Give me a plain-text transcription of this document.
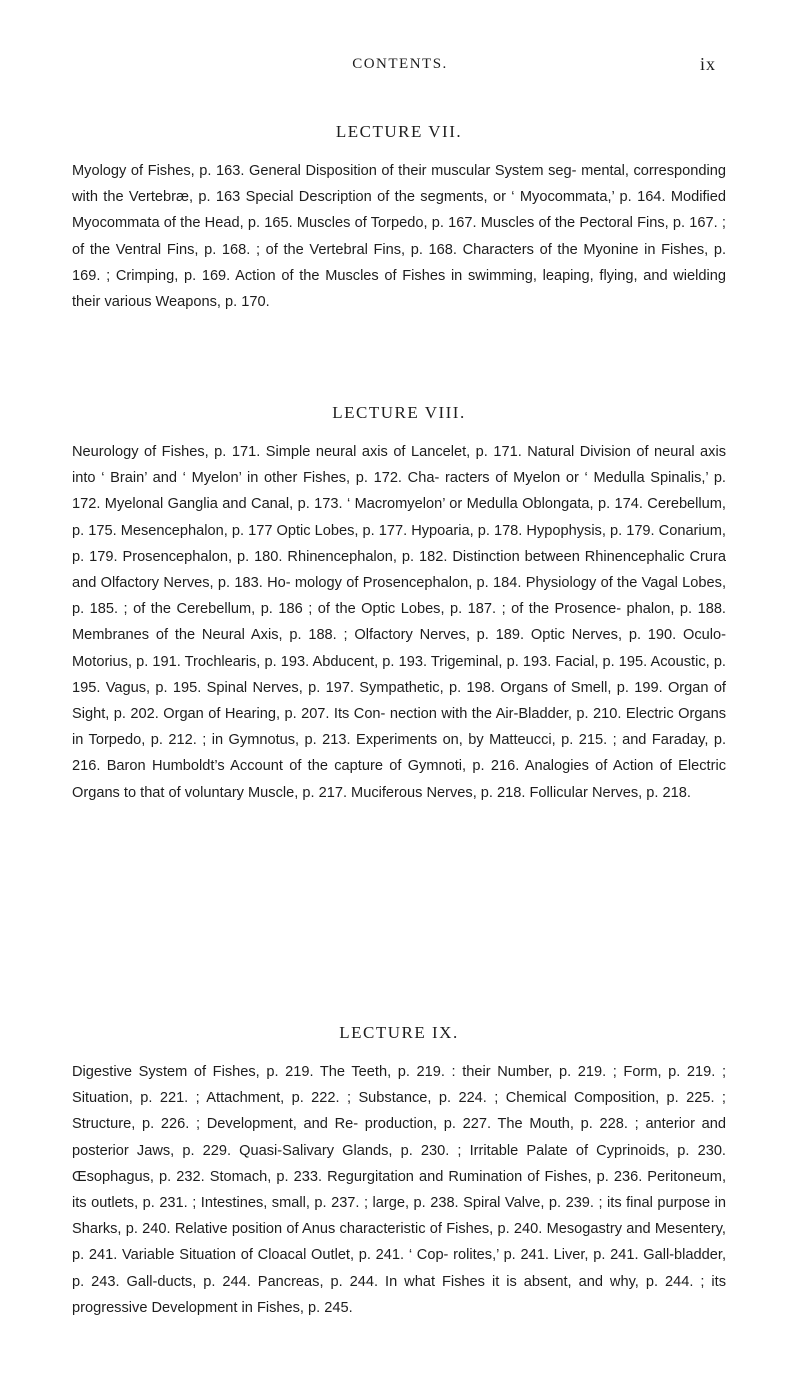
CONTENTS.	ix
LECTURE VII.

Myology of Fishes, p. 163. General Disposition of their muscular System seg- mental, corresponding with the Vertebræ, p. 163 Special Description of the segments, or ‘ Myocommata,’ p. 164. Modified Myocommata of the Head, p. 165. Muscles of Torpedo, p. 167. Muscles of the Pectoral Fins, p. 167. ; of the Ventral Fins, p. 168. ; of the Vertebral Fins, p. 168. Characters of the Myonine in Fishes, p. 169. ; Crimping, p. 169. Action of the Muscles of Fishes in swimming, leaping, flying, and wielding their various Weapons, p. 170.

LECTURE VIII.

Neurology of Fishes, p. 171. Simple neural axis of Lancelet, p. 171. Natural Division of neural axis into ‘ Brain’ and ‘ Myelon’ in other Fishes, p. 172. Cha- racters of Myelon or ‘ Medulla Spinalis,’ p. 172. Myelonal Ganglia and Canal, p. 173. ‘ Macromyelon’ or Medulla Oblongata, p. 174. Cerebellum, p. 175. Mesencephalon, p. 177 Optic Lobes, p. 177. Hypoaria, p. 178. Hypophysis, p. 179. Conarium, p. 179. Prosencephalon, p. 180. Rhinencephalon, p. 182. Distinction between Rhinencephalic Crura and Olfactory Nerves, p. 183. Ho- mology of Prosencephalon, p. 184. Physiology of the Vagal Lobes, p. 185. ; of the Cerebellum, p. 186 ; of the Optic Lobes, p. 187. ; of the Prosence- phalon, p. 188. Membranes of the Neural Axis, p. 188. ; Olfactory Nerves, p. 189. Optic Nerves, p. 190. Oculo-Motorius, p. 191. Trochlearis, p. 193. Abducent, p. 193. Trigeminal, p. 193. Facial, p. 195. Acoustic, p. 195. Vagus, p. 195. Spinal Nerves, p. 197. Sympathetic, p. 198. Organs of Smell, p. 199. Organ of Sight, p. 202. Organ of Hearing, p. 207. Its Con- nection with the Air-Bladder, p. 210. Electric Organs in Torpedo, p. 212. ; in Gymnotus, p. 213. Experiments on, by Matteucci, p. 215. ; and Faraday, p. 216. Baron Humboldt’s Account of the capture of Gymnoti, p. 216. Analogies of Action of Electric Organs to that of voluntary Muscle, p. 217. Muciferous Nerves, p. 218. Follicular Nerves, p. 218.

LECTURE IX.

Digestive System of Fishes, p. 219. The Teeth, p. 219. : their Number, p. 219. ; Form, p. 219. ; Situation, p. 221. ; Attachment, p. 222. ; Substance, p. 224. ; Chemical Composition, p. 225. ; Structure, p. 226. ; Development, and Re- production, p. 227. The Mouth, p. 228. ; anterior and posterior Jaws, p. 229. Quasi-Salivary Glands, p. 230. ; Irritable Palate of Cyprinoids, p. 230. Œsophagus, p. 232. Stomach, p. 233. Regurgitation and Rumination of Fishes, p. 236. Peritoneum, its outlets, p. 231. ; Intestines, small, p. 237. ; large, p. 238. Spiral Valve, p. 239. ; its final purpose in Sharks, p. 240. Relative position of Anus characteristic of Fishes, p. 240. Mesogastry and Mesentery, p. 241. Variable Situation of Cloacal Outlet, p. 241. ‘ Cop- rolites,’ p. 241. Liver, p. 241. Gall-bladder, p. 243. Gall-ducts, p. 244. Pancreas, p. 244. In what Fishes it is absent, and why, p. 244. ; its progressive Development in Fishes, p. 245.
